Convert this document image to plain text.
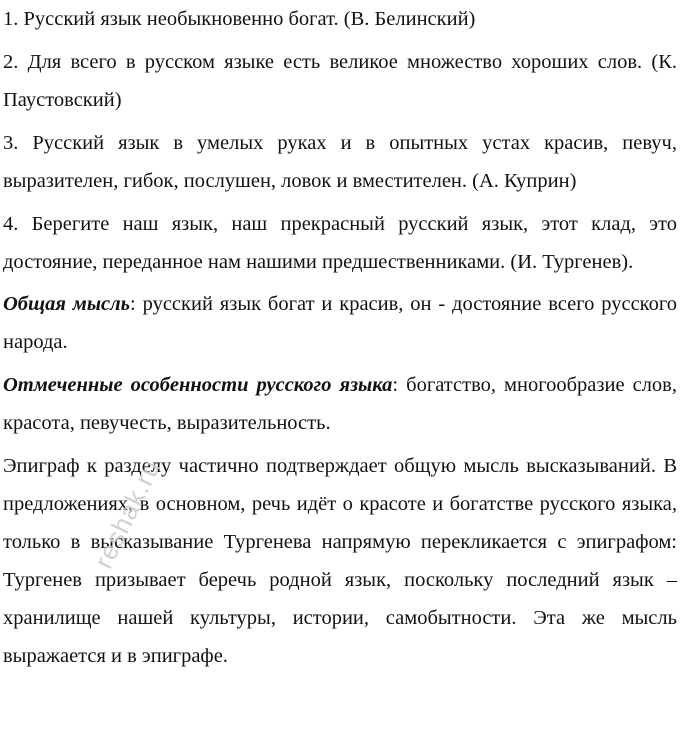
1. Русский язык необыкновенно богат. (В. Белинский)

2. Для всего в русском языке есть великое множество хороших слов. (К. Паустовский)

3. Русский язык в умелых руках и в опытных устах красив, певуч, выразителен, гибок, послушен, ловок и вместителен. (А. Куприн)

4. Берегите наш язык, наш прекрасный русский язык, этот клад, это достояние, переданное нам нашими предшественниками. (И. Тургенев).

Общая мысль: русский язык богат и красив, он - достояние всего русского народа.

Отмеченные особенности русского языка: богатство, многообразие слов, красота, певучесть, выразительность.

Эпиграф к разделу частично подтверждает общую мысль высказываний. В предложениях, в основном, речь идёт о красоте и богатстве русского языка, только в высказывание Тургенева напрямую перекликается с эпиграфом: Тургенев призывает беречь родной язык, поскольку последний язык – хранилище нашей культуры, истории, самобытности. Эта же мысль выражается и в эпиграфе.

reshak.ru
